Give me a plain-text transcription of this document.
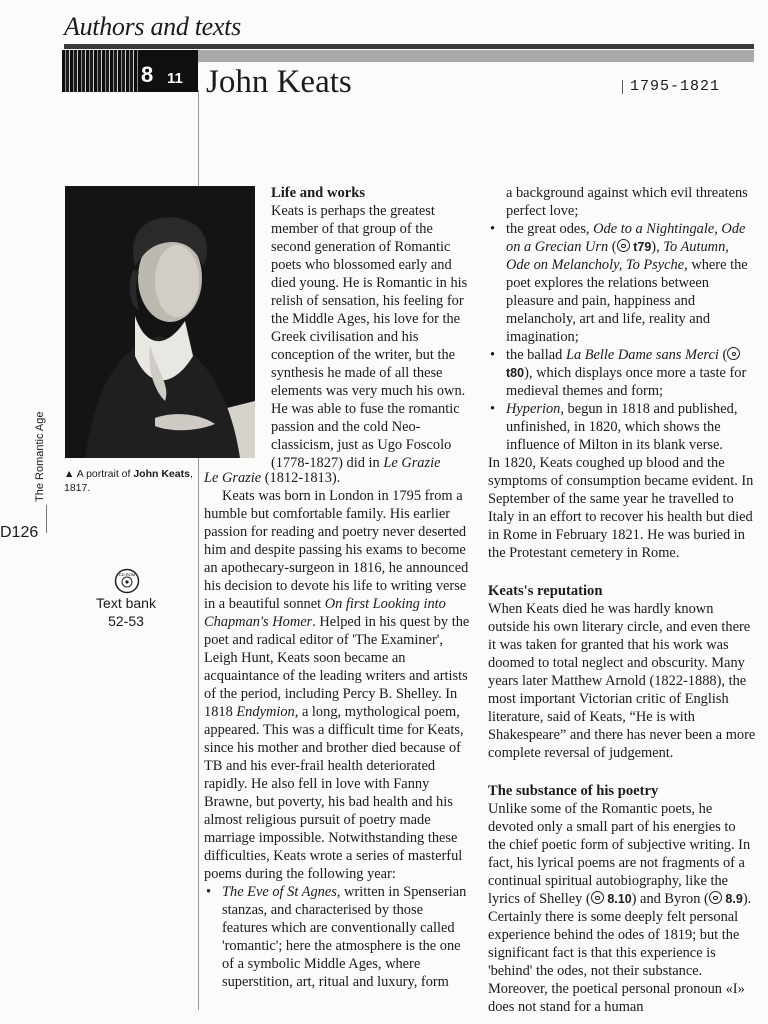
Authors and texts
8 11 John Keats	1795-1821
▲ A portrait of John Keats, 1817.
The Romantic Age
D126
CD-ROM
Text bank
52-53
Life and works

Keats is perhaps the greatest member of that group of the second generation of Romantic poets who blossomed early and died young. He is Romantic in his relish of sensation, his feeling for the Middle Ages, his love for the Greek civilisation and his conception of the writer, but the synthesis he made of all these elements was very much his own. He was able to fuse the romantic passion and the cold Neo-classicism, just as Ugo Foscolo (1778-1827) did in Le Grazie

Le Grazie (1812-1813).

Keats was born in London in 1795 from a humble but comfortable family. His earlier passion for reading and poetry never deserted him and despite passing his exams to become an apothecary-surgeon in 1816, he announced his decision to devote his life to writing verse in a beautiful sonnet On first Looking into Chapman's Homer. Helped in his quest by the poet and radical editor of 'The Examiner', Leigh Hunt, Keats soon became an acquaintance of the leading writers and artists of the period, including Percy B. Shelley. In 1818 Endymion, a long, mythological poem, appeared. This was a difficult time for Keats, since his mother and brother died because of TB and his ever-frail health deteriorated rapidly. He also fell in love with Fanny Brawne, but poverty, his bad health and his almost religious pursuit of poetry made marriage impossible. Notwithstanding these difficulties, Keats wrote a series of masterful poems during the following year:

• The Eve of St Agnes, written in Spenserian stanzas, and characterised by those features which are conventionally called 'romantic'; here the atmosphere is the one of a symbolic Middle Ages, where superstition, art, ritual and luxury, form

a background against which evil threatens perfect love;

• the great odes, Ode to a Nightingale, Ode on a Grecian Urn ( t79), To Autumn, Ode on Melancholy, To Psyche, where the poet explores the relations between pleasure and pain, happiness and melancholy, art and life, reality and imagination;

• the ballad La Belle Dame sans Merci ( t80), which displays once more a taste for medieval themes and form;

• Hyperion, begun in 1818 and published, unfinished, in 1820, which shows the influence of Milton in its blank verse.

In 1820, Keats coughed up blood and the symptoms of consumption became evident. In September of the same year he travelled to Italy in an effort to recover his health but died in Rome in February 1821. He was buried in the Protestant cemetery in Rome.

Keats's reputation

When Keats died he was hardly known outside his own literary circle, and even there it was taken for granted that his work was doomed to total neglect and obscurity. Many years later Matthew Arnold (1822-1888), the most important Victorian critic of English literature, said of Keats, “He is with Shakespeare” and there has never been a more complete reversal of judgement.

The substance of his poetry

Unlike some of the Romantic poets, he devoted only a small part of his energies to the chief poetic form of subjective writing. In fact, his lyrical poems are not fragments of a continual spiritual autobiography, like the lyrics of Shelley ( 8.10) and Byron ( 8.9). Certainly there is some deeply felt personal experience behind the odes of 1819; but the significant fact is that this experience is 'behind' the odes, not their substance. Moreover, the poetical personal pronoun «I» does not stand for a human
